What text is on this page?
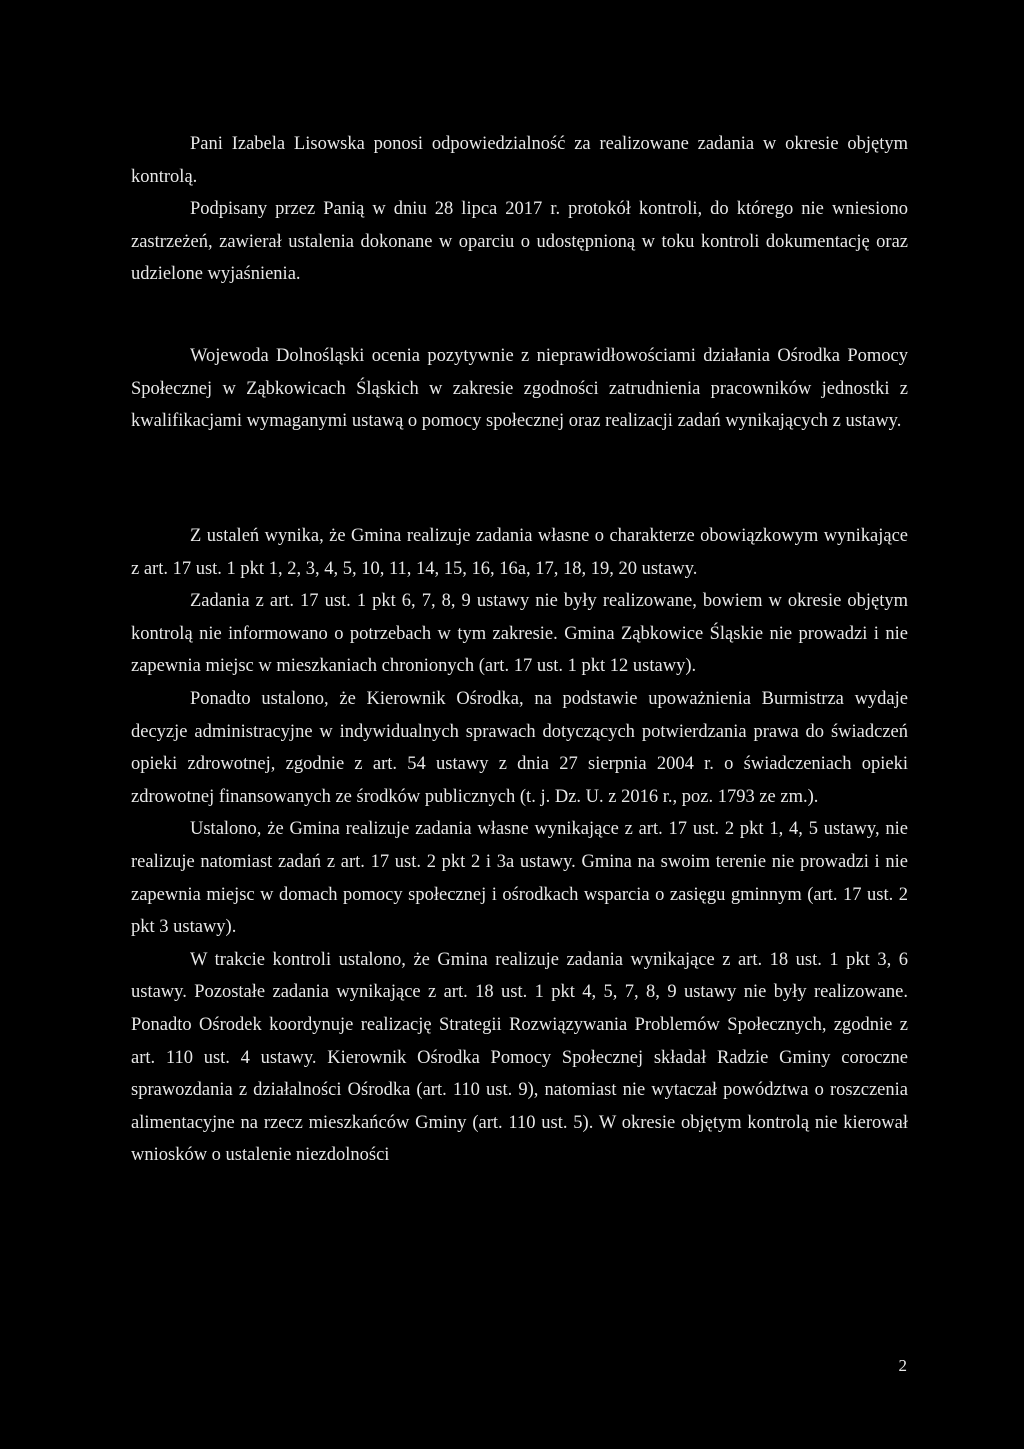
Pani Izabela Lisowska ponosi odpowiedzialność za realizowane zadania w okresie objętym kontrolą.

Podpisany przez Panią w dniu 28 lipca 2017 r. protokół kontroli, do którego nie wniesiono zastrzeżeń, zawierał ustalenia dokonane w oparciu o udostępnioną w toku kontroli dokumentację oraz udzielone wyjaśnienia.

Wojewoda Dolnośląski ocenia pozytywnie z nieprawidłowościami działania Ośrodka Pomocy Społecznej w Ząbkowicach Śląskich w zakresie zgodności zatrudnienia pracowników jednostki z kwalifikacjami wymaganymi ustawą o pomocy społecznej oraz realizacji zadań wynikających z ustawy.

Z ustaleń wynika, że Gmina realizuje zadania własne o charakterze obowiązkowym wynikające z art. 17 ust. 1 pkt 1, 2, 3, 4, 5, 10, 11, 14, 15, 16, 16a, 17, 18, 19, 20 ustawy.

Zadania z art. 17 ust. 1 pkt 6, 7, 8, 9 ustawy nie były realizowane, bowiem w okresie objętym kontrolą nie informowano o potrzebach w tym zakresie. Gmina Ząbkowice Śląskie nie prowadzi i nie zapewnia miejsc w mieszkaniach chronionych (art. 17 ust. 1 pkt 12 ustawy).

Ponadto ustalono, że Kierownik Ośrodka, na podstawie upoważnienia Burmistrza wydaje decyzje administracyjne w indywidualnych sprawach dotyczących potwierdzania prawa do świadczeń opieki zdrowotnej, zgodnie z art. 54 ustawy z dnia 27 sierpnia 2004 r. o świadczeniach opieki zdrowotnej finansowanych ze środków publicznych (t. j. Dz. U. z 2016 r., poz. 1793 ze zm.).

Ustalono, że Gmina realizuje zadania własne wynikające z art. 17 ust. 2 pkt 1, 4, 5 ustawy, nie realizuje natomiast zadań z art. 17 ust. 2 pkt 2 i 3a ustawy. Gmina na swoim terenie nie prowadzi i nie zapewnia miejsc w domach pomocy społecznej i ośrodkach wsparcia o zasięgu gminnym (art. 17 ust. 2 pkt 3 ustawy).

W trakcie kontroli ustalono, że Gmina realizuje zadania wynikające z art. 18 ust. 1 pkt 3, 6 ustawy. Pozostałe zadania wynikające z art. 18 ust. 1 pkt 4, 5, 7, 8, 9 ustawy nie były realizowane. Ponadto Ośrodek koordynuje realizację Strategii Rozwiązywania Problemów Społecznych, zgodnie z art. 110 ust. 4 ustawy. Kierownik Ośrodka Pomocy Społecznej składał Radzie Gminy coroczne sprawozdania z działalności Ośrodka (art. 110 ust. 9), natomiast nie wytaczał powództwa o roszczenia alimentacyjne na rzecz mieszkańców Gminy (art. 110 ust. 5). W okresie objętym kontrolą nie kierował wniosków o ustalenie niezdolności

2
